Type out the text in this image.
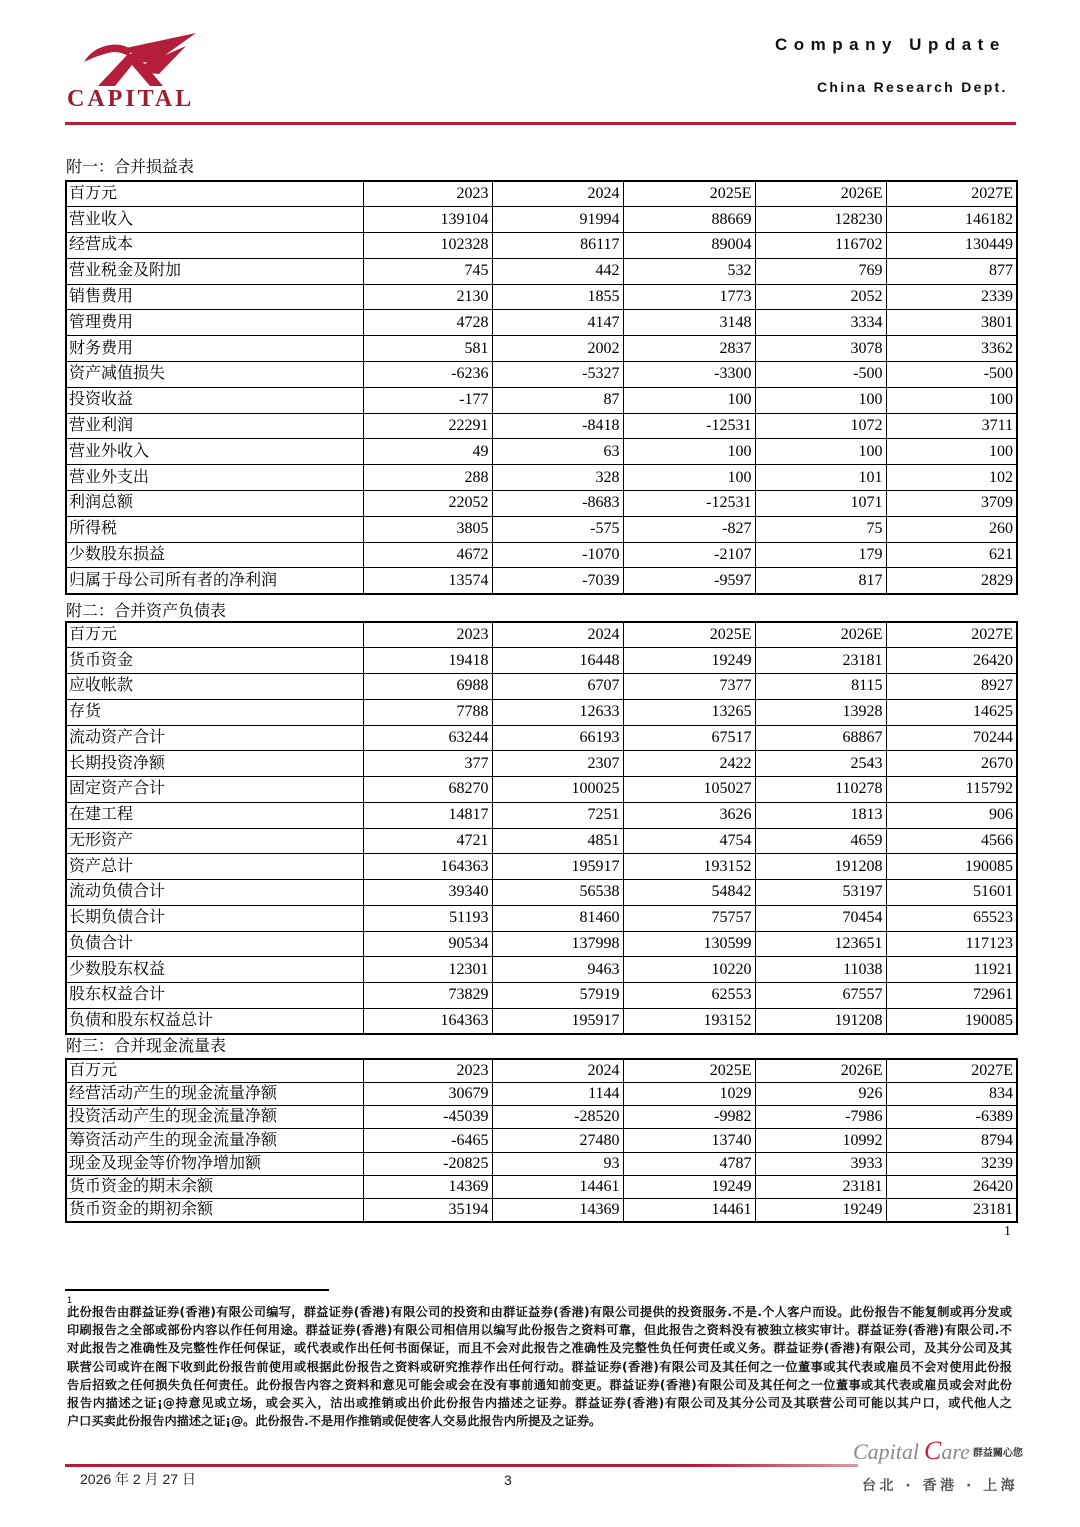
CAPITAL
Company Update
China Research Dept.
附一：合并损益表
百万元	2023	2024	2025E	2026E	2027E
营业收入	139104	91994	88669	128230	146182
经营成本	102328	86117	89004	116702	130449
营业税金及附加	745	442	532	769	877
销售费用	2130	1855	1773	2052	2339
管理费用	4728	4147	3148	3334	3801
财务费用	581	2002	2837	3078	3362
资产减值损失	-6236	-5327	-3300	-500	-500
投资收益	-177	87	100	100	100
营业利润	22291	-8418	-12531	1072	3711
营业外收入	49	63	100	100	100
营业外支出	288	328	100	101	102
利润总额	22052	-8683	-12531	1071	3709
所得税	3805	-575	-827	75	260
少数股东损益	4672	-1070	-2107	179	621
归属于母公司所有者的净利润	13574	-7039	-9597	817	2829
附二：合并资产负债表
百万元	2023	2024	2025E	2026E	2027E
货币资金	19418	16448	19249	23181	26420
应收帐款	6988	6707	7377	8115	8927
存货	7788	12633	13265	13928	14625
流动资产合计	63244	66193	67517	68867	70244
长期投资净额	377	2307	2422	2543	2670
固定资产合计	68270	100025	105027	110278	115792
在建工程	14817	7251	3626	1813	906
无形资产	4721	4851	4754	4659	4566
资产总计	164363	195917	193152	191208	190085
流动负债合计	39340	56538	54842	53197	51601
长期负债合计	51193	81460	75757	70454	65523
负债合计	90534	137998	130599	123651	117123
少数股东权益	12301	9463	10220	11038	11921
股东权益合计	73829	57919	62553	67557	72961
负债和股东权益总计	164363	195917	193152	191208	190085
附三：合并现金流量表
百万元	2023	2024	2025E	2026E	2027E
经营活动产生的现金流量净额	30679	1144	1029	926	834
投资活动产生的现金流量净额	-45039	-28520	-9982	-7986	-6389
筹资活动产生的现金流量净额	-6465	27480	13740	10992	8794
现金及现金等价物净增加额	-20825	93	4787	3933	3239
货币资金的期末余额	14369	14461	19249	23181	26420
货币资金的期初余额	35194	14369	14461	19249	23181
1
1
此份报告由群益证券(香港)有限公司编写，群益证券(香港)有限公司的投资和由群证益券(香港)有限公司提供的投资服务.不是.个人客户而设。此份报告不能复制或再分发或
印刷报告之全部或部份内容以作任何用途。群益证券(香港)有限公司相信用以编写此份报告之资料可靠，但此报告之资料没有被独立核实审计。群益证券(香港)有限公司.不
对此报告之准确性及完整性作任何保证，或代表或作出任何书面保证，而且不会对此报告之准确性及完整性负任何责任或义务。群益证券(香港)有限公司，及其分公司及其
联营公司或许在阁下收到此份报告前使用或根据此份报告之资料或研究推荐作出任何行动。群益证券(香港)有限公司及其任何之一位董事或其代表或雇员不会对使用此份报
告后招致之任何损失负任何责任。此份报告内容之资料和意见可能会或会在没有事前通知前变更。群益证券(香港)有限公司及其任何之一位董事或其代表或雇员或会对此份
报告内描述之证¡@持意见或立场，或会买入，沽出或推销或出价此份报告内描述之证券。群益证券(香港)有限公司及其分公司及其联营公司可能以其户口，或代他人之
户口买卖此份报告内描述之证¡@。此份报告.不是用作推销或促使客人交易此报告内所提及之证券。
2026 年 2 月 27 日	3
Capital Care 群益關心您
台北 · 香港 · 上海
